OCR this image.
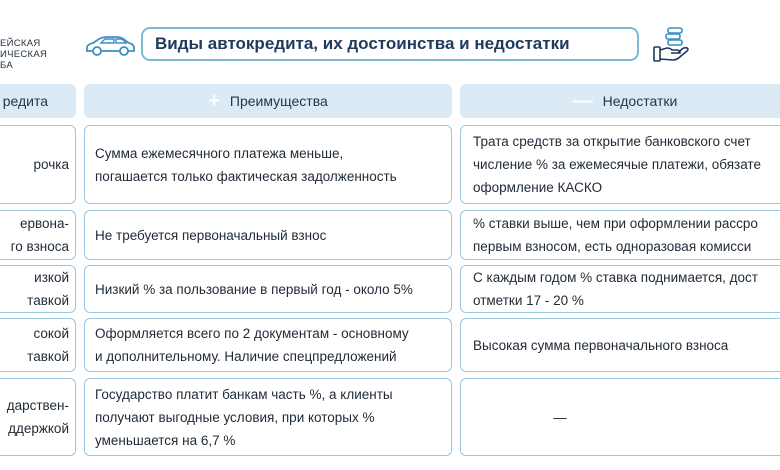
ЕЙСКАЯ
ИЧЕСКАЯ
БА
Виды автокредита, их достоинства и недостатки
редита	+ Преимущества	— Недостатки
рочка
Сумма ежемесячного платежа меньше,
погашается только фактическая задолженность
Трата средств за открытие банковского счет
числение % за ежемесячые платежи, обязате
оформление КАСКО
ервона-
го взноса
Не требуется первоначальный взнос
% ставки выше, чем при оформлении рассро
первым взносом, есть одноразовая комисси
изкой
тавкой
Низкий % за пользование в первый год - около 5%
С каждым годом % ставка поднимается, дост
отметки 17 - 20 %
сокой
тавкой
Оформляется всего по 2 документам - основному
и дополнительному. Наличие спецпредложений
Высокая сумма первоначального взноса
дарствен-
ддержкой
Государство платит банкам часть %, а клиенты
получают выгодные условия, при которых %
уменьшается на 6,7 %
—
